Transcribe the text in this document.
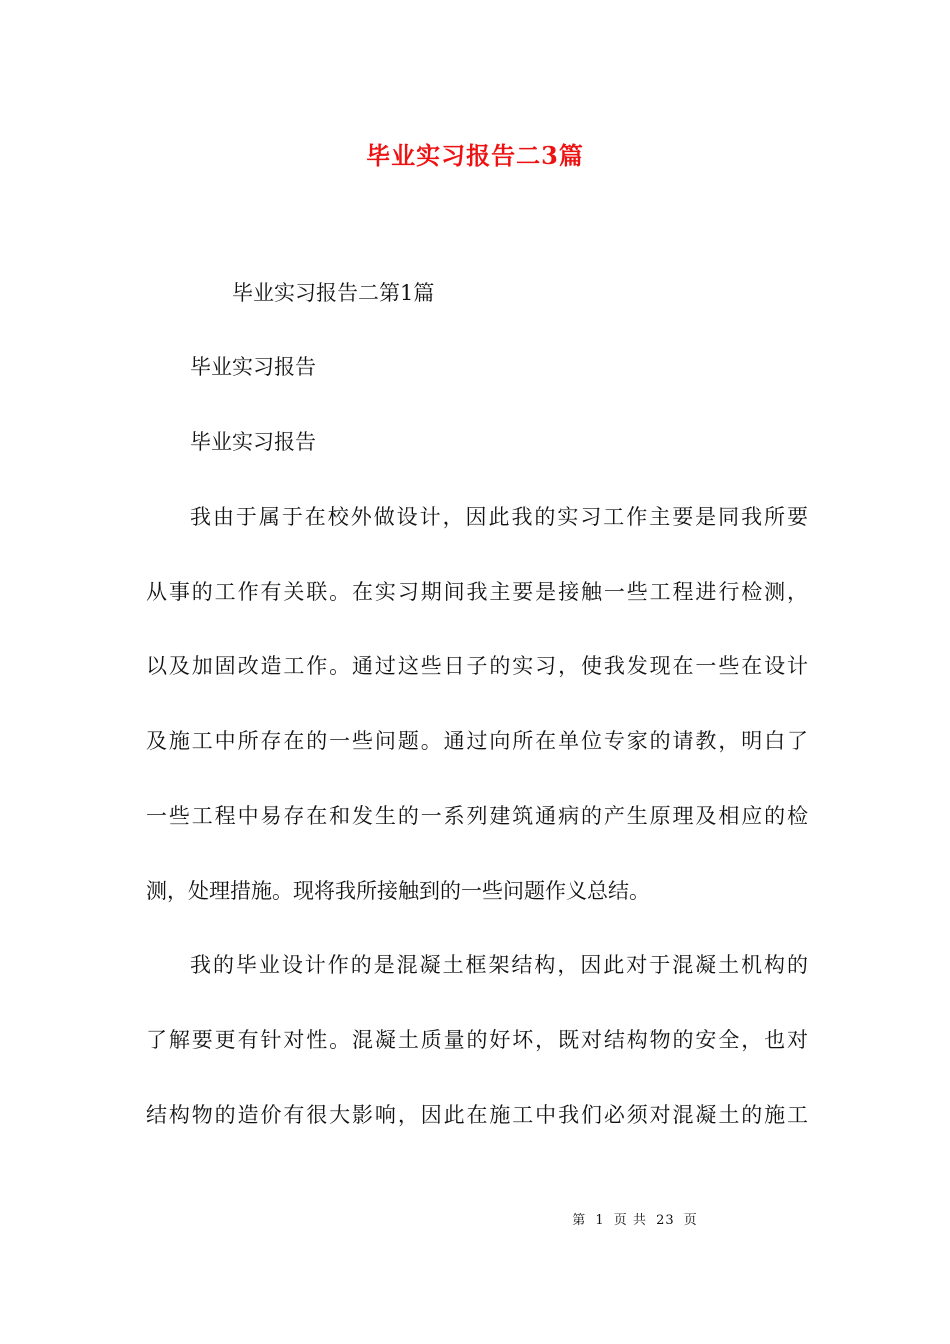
毕业实习报告二3篇
毕业实习报告二第1篇
毕业实习报告
毕业实习报告
我由于属于在校外做设计，因此我的实习工作主要是同我所要
从事的工作有关联。在实习期间我主要是接触一些工程进行检测，
以及加固改造工作。通过这些日子的实习，使我发现在一些在设计
及施工中所存在的一些问题。通过向所在单位专家的请教，明白了
一些工程中易存在和发生的一系列建筑通病的产生原理及相应的检
测，处理措施。现将我所接触到的一些问题作义总结。
我的毕业设计作的是混凝土框架结构，因此对于混凝土机构的
了解要更有针对性。混凝土质量的好坏，既对结构物的安全，也对
结构物的造价有很大影响，因此在施工中我们必须对混凝土的施工
第 1 页 共 23 页
